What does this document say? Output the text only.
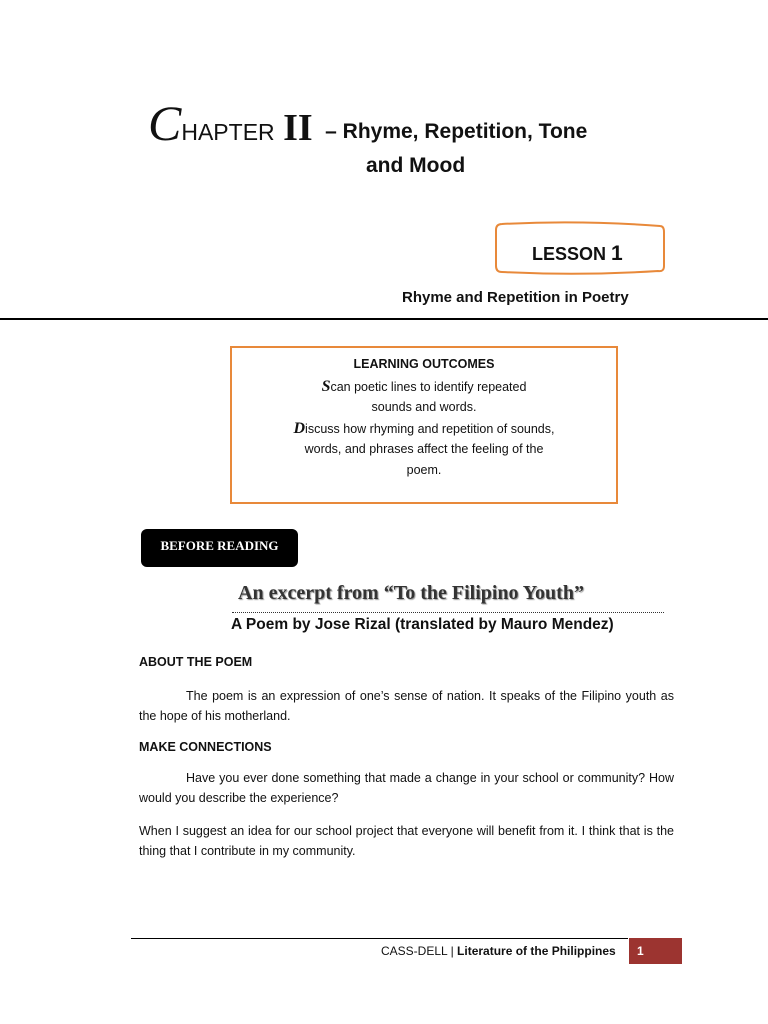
CHAPTER II – Rhyme, Repetition, Tone
and Mood
LESSON 1
Rhyme and Repetition in Poetry
LEARNING OUTCOMES
Scan poetic lines to identify repeated
sounds and words.
Discuss how rhyming and repetition of sounds,
words, and phrases affect the feeling of the
poem.
BEFORE READING
An excerpt from “To the Filipino Youth”
A Poem by Jose Rizal (translated by Mauro Mendez)
ABOUT THE POEM
The poem is an expression of one’s sense of nation. It speaks of the Filipino youth as the hope of his motherland.
MAKE CONNECTIONS
Have you ever done something that made a change in your school or community? How would you describe the experience?
When I suggest an idea for our school project that everyone will benefit from it. I think that is the thing that I contribute in my community.
CASS-DELL | Literature of the Philippines	1
